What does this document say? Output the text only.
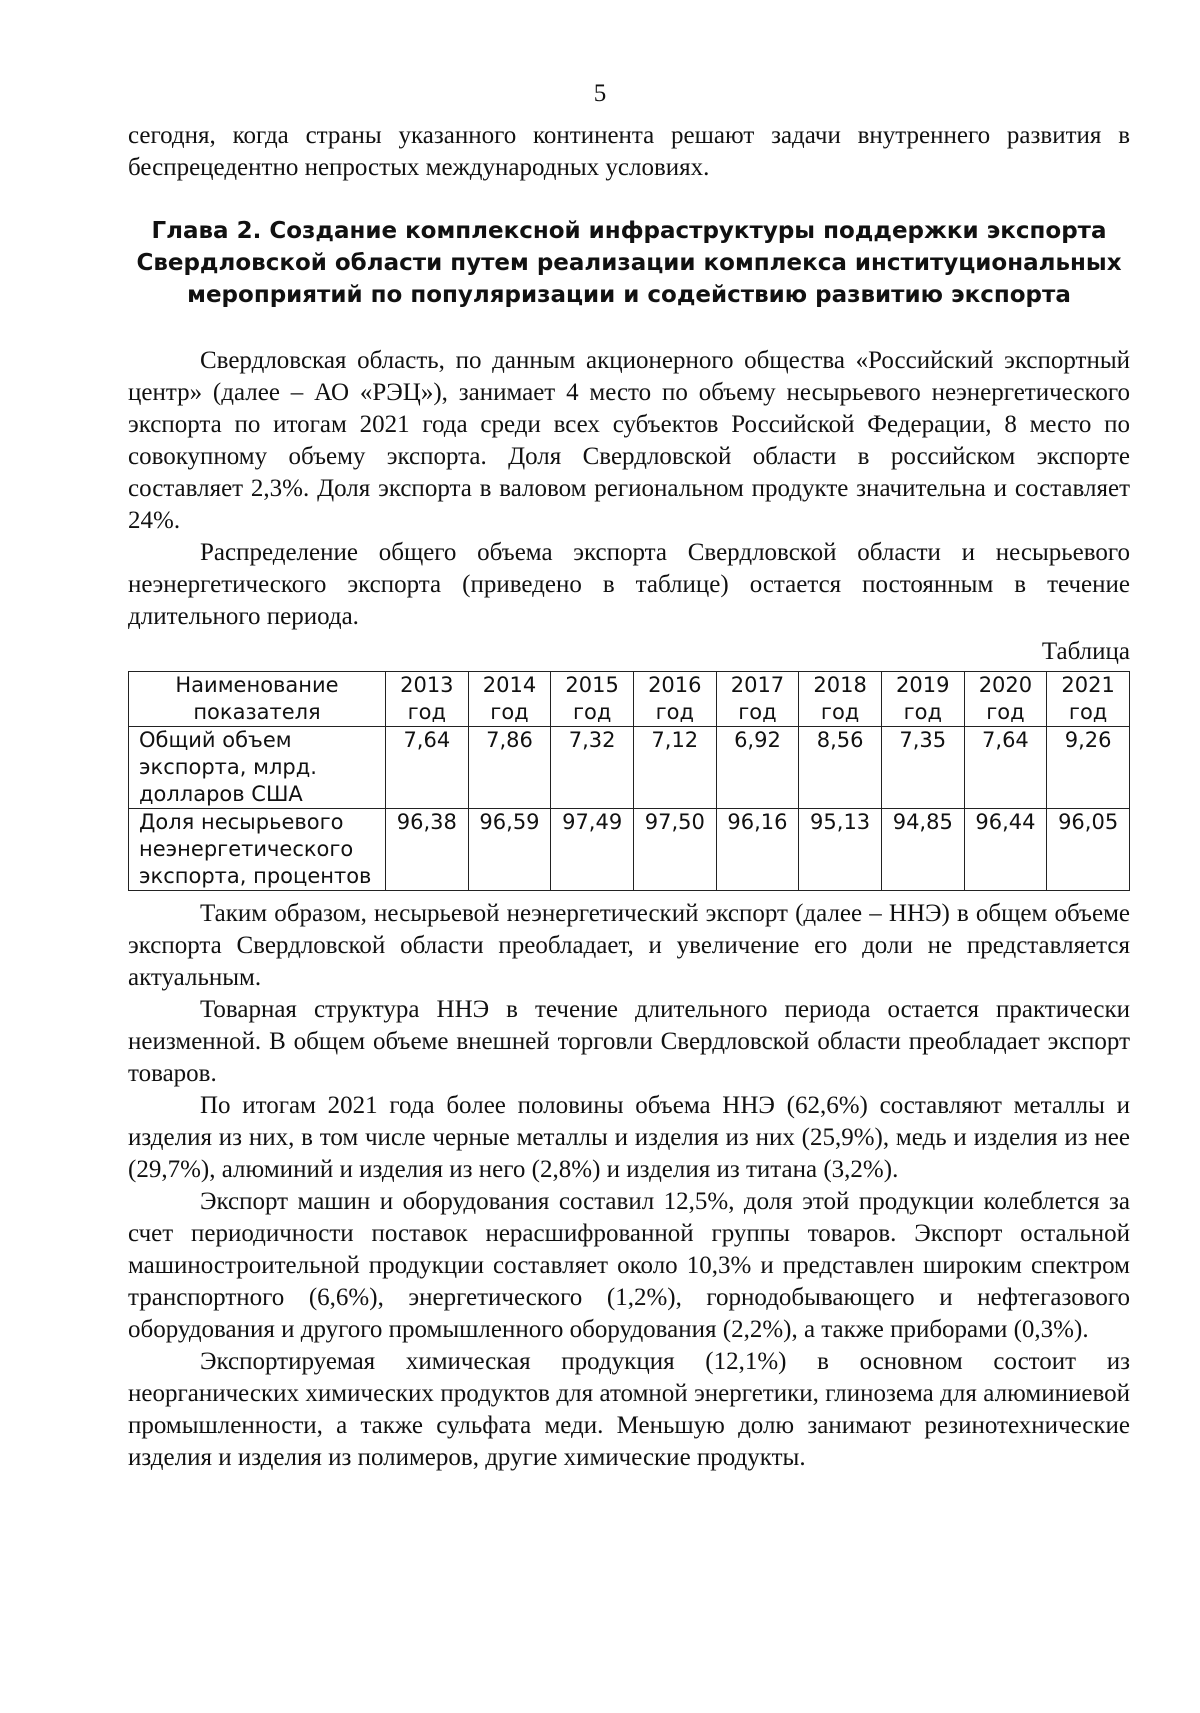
5

сегодня, когда страны указанного континента решают задачи внутреннего развития в беспрецедентно непростых международных условиях.

Глава 2. Создание комплексной инфраструктуры поддержки экспорта
Свердловской области путем реализации комплекса институциональных
мероприятий по популяризации и содействию развитию экспорта

Свердловская область, по данным акционерного общества «Российский экспортный центр» (далее – АО «РЭЦ»), занимает 4 место по объему несырьевого неэнергетического экспорта по итогам 2021 года среди всех субъектов Российской Федерации, 8 место по совокупному объему экспорта. Доля Свердловской области в российском экспорте составляет 2,3%. Доля экспорта в валовом региональном продукте значительна и составляет 24%.

Распределение общего объема экспорта Свердловской области и несырьевого неэнергетического экспорта (приведено в таблице) остается постоянным в течение длительного периода.

Таблица
Наименование показателя	2013 год	2014 год	2015 год	2016 год	2017 год	2018 год	2019 год	2020 год	2021 год
Общий объем экспорта, млрд. долларов США	7,64	7,86	7,32	7,12	6,92	8,56	7,35	7,64	9,26
Доля несырьевого неэнергетического экспорта, процентов	96,38	96,59	97,49	97,50	96,16	95,13	94,85	96,44	96,05

Таким образом, несырьевой неэнергетический экспорт (далее – ННЭ) в общем объеме экспорта Свердловской области преобладает, и увеличение его доли не представляется актуальным.

Товарная структура ННЭ в течение длительного периода остается практически неизменной. В общем объеме внешней торговли Свердловской области преобладает экспорт товаров.

По итогам 2021 года более половины объема ННЭ (62,6%) составляют металлы и изделия из них, в том числе черные металлы и изделия из них (25,9%), медь и изделия из нее (29,7%), алюминий и изделия из него (2,8%) и изделия из титана (3,2%).

Экспорт машин и оборудования составил 12,5%, доля этой продукции колеблется за счет периодичности поставок нерасшифрованной группы товаров. Экспорт остальной машиностроительной продукции составляет около 10,3% и представлен широким спектром транспортного (6,6%), энергетического (1,2%), горнодобывающего и нефтегазового оборудования и другого промышленного оборудования (2,2%), а также приборами (0,3%).

Экспортируемая химическая продукция (12,1%) в основном состоит из неорганических химических продуктов для атомной энергетики, глинозема для алюминиевой промышленности, а также сульфата меди. Меньшую долю занимают резинотехнические изделия и изделия из полимеров, другие химические продукты.
